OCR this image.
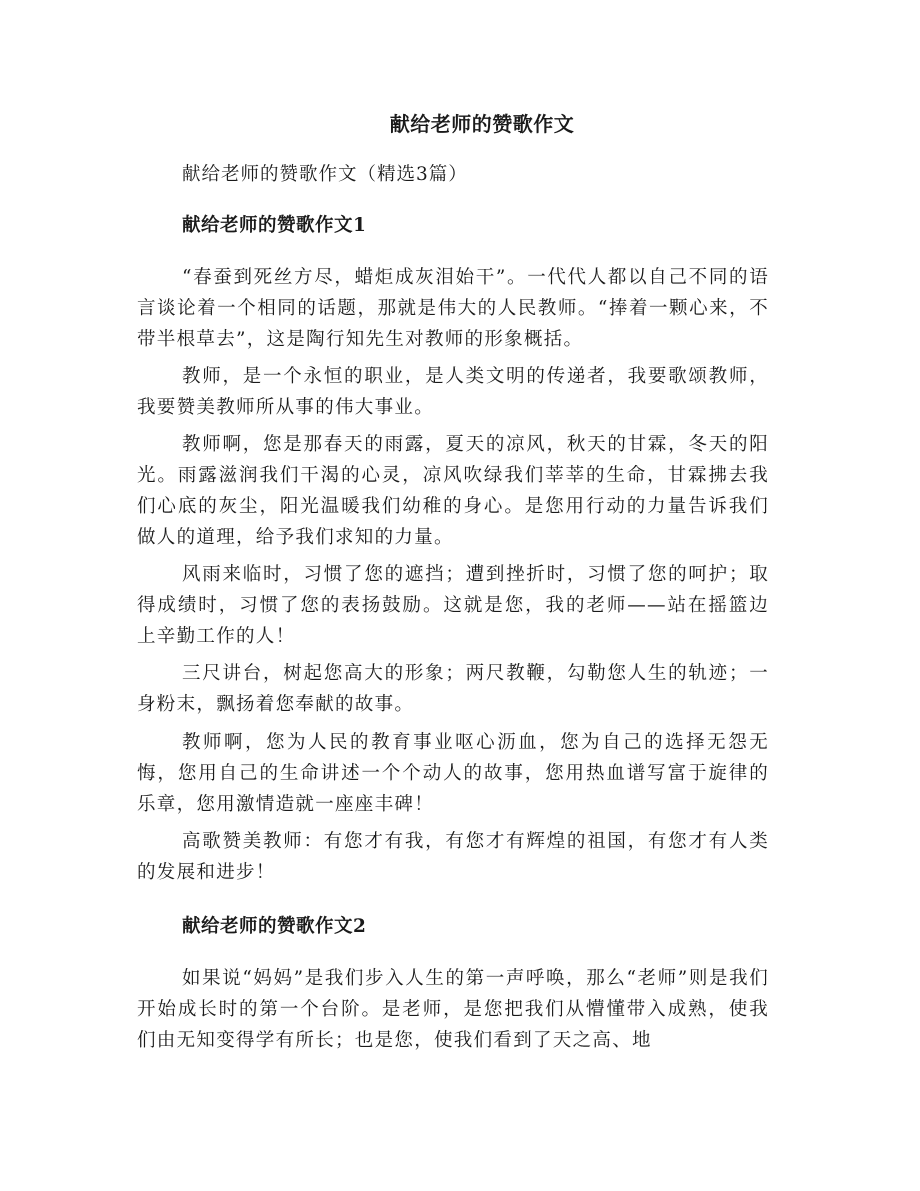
献给老师的赞歌作文

献给老师的赞歌作文（精选3篇）

献给老师的赞歌作文1

“春蚕到死丝方尽，蜡炬成灰泪始干”。一代代人都以自己不同的语言谈论着一个相同的话题，那就是伟大的人民教师。“捧着一颗心来，不带半根草去”，这是陶行知先生对教师的形象概括。

教师，是一个永恒的职业，是人类文明的传递者，我要歌颂教师，我要赞美教师所从事的伟大事业。

教师啊，您是那春天的雨露，夏天的凉风，秋天的甘霖，冬天的阳光。雨露滋润我们干渴的心灵，凉风吹绿我们莘莘的生命，甘霖拂去我们心底的灰尘，阳光温暖我们幼稚的身心。是您用行动的力量告诉我们做人的道理，给予我们求知的力量。

风雨来临时，习惯了您的遮挡；遭到挫折时，习惯了您的呵护；取得成绩时，习惯了您的表扬鼓励。这就是您，我的老师——站在摇篮边上辛勤工作的人！

三尺讲台，树起您高大的形象；两尺教鞭，勾勒您人生的轨迹；一身粉末，飘扬着您奉献的故事。

教师啊，您为人民的教育事业呕心沥血，您为自己的选择无怨无悔，您用自己的生命讲述一个个动人的故事，您用热血谱写富于旋律的乐章，您用激情造就一座座丰碑！

高歌赞美教师：有您才有我，有您才有辉煌的祖国，有您才有人类的发展和进步！

献给老师的赞歌作文2

如果说“妈妈”是我们步入人生的第一声呼唤，那么“老师”则是我们开始成长时的第一个台阶。是老师，是您把我们从懵懂带入成熟，使我们由无知变得学有所长；也是您，使我们看到了天之高、地
